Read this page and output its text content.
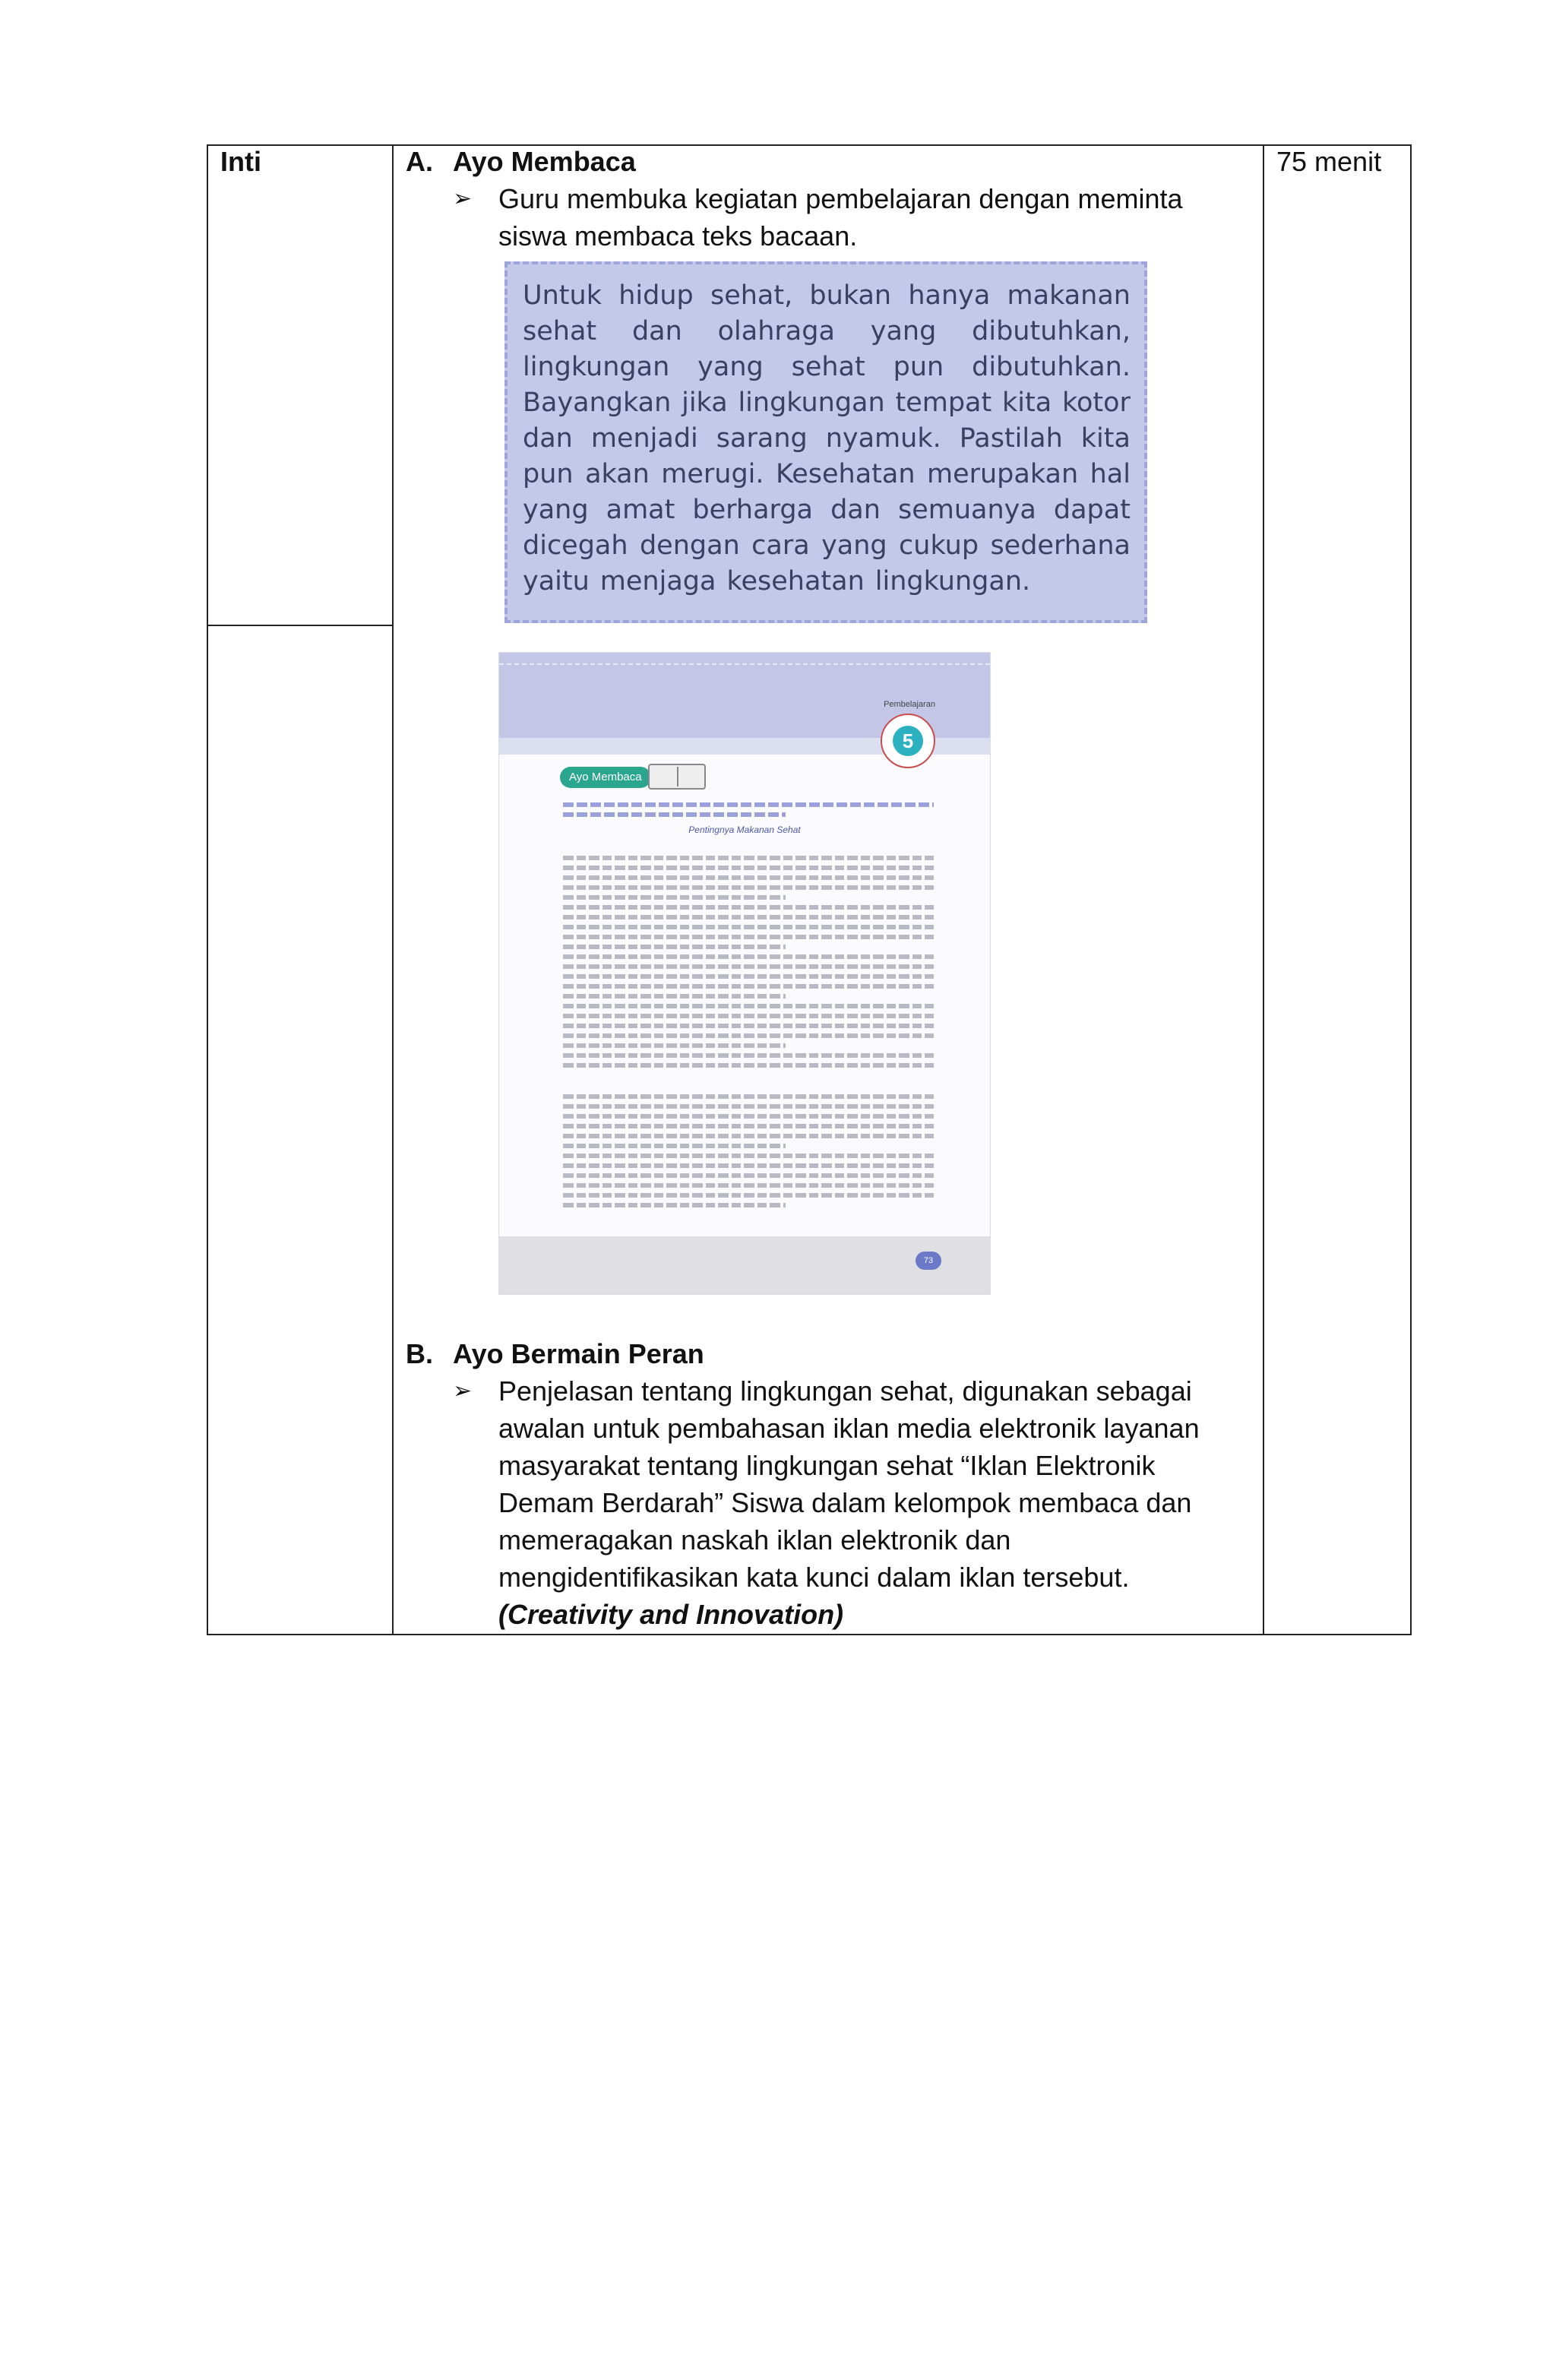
Inti	75 menit
A. Ayo Membaca
➢ Guru membuka kegiatan pembelajaran dengan meminta
siswa membaca teks bacaan.
Untuk hidup sehat, bukan hanya makanan
sehat dan olahraga yang dibutuhkan,
lingkungan yang sehat pun dibutuhkan.
Bayangkan jika lingkungan tempat kita kotor
dan menjadi sarang nyamuk. Pastilah kita
pun akan merugi. Kesehatan merupakan hal
yang amat berharga dan semuanya dapat
dicegah dengan cara yang cukup sederhana
yaitu menjaga kesehatan lingkungan.
Pembelajaran
5
Ayo Membaca
Pentingnya Makanan Sehat
73
B. Ayo Bermain Peran
➢ Penjelasan tentang lingkungan sehat, digunakan sebagai
awalan untuk pembahasan iklan media elektronik layanan
masyarakat tentang lingkungan sehat “Iklan Elektronik
Demam Berdarah” Siswa dalam kelompok membaca dan
memeragakan naskah iklan elektronik dan
mengidentifikasikan kata kunci dalam iklan tersebut.
(Creativity and Innovation)
